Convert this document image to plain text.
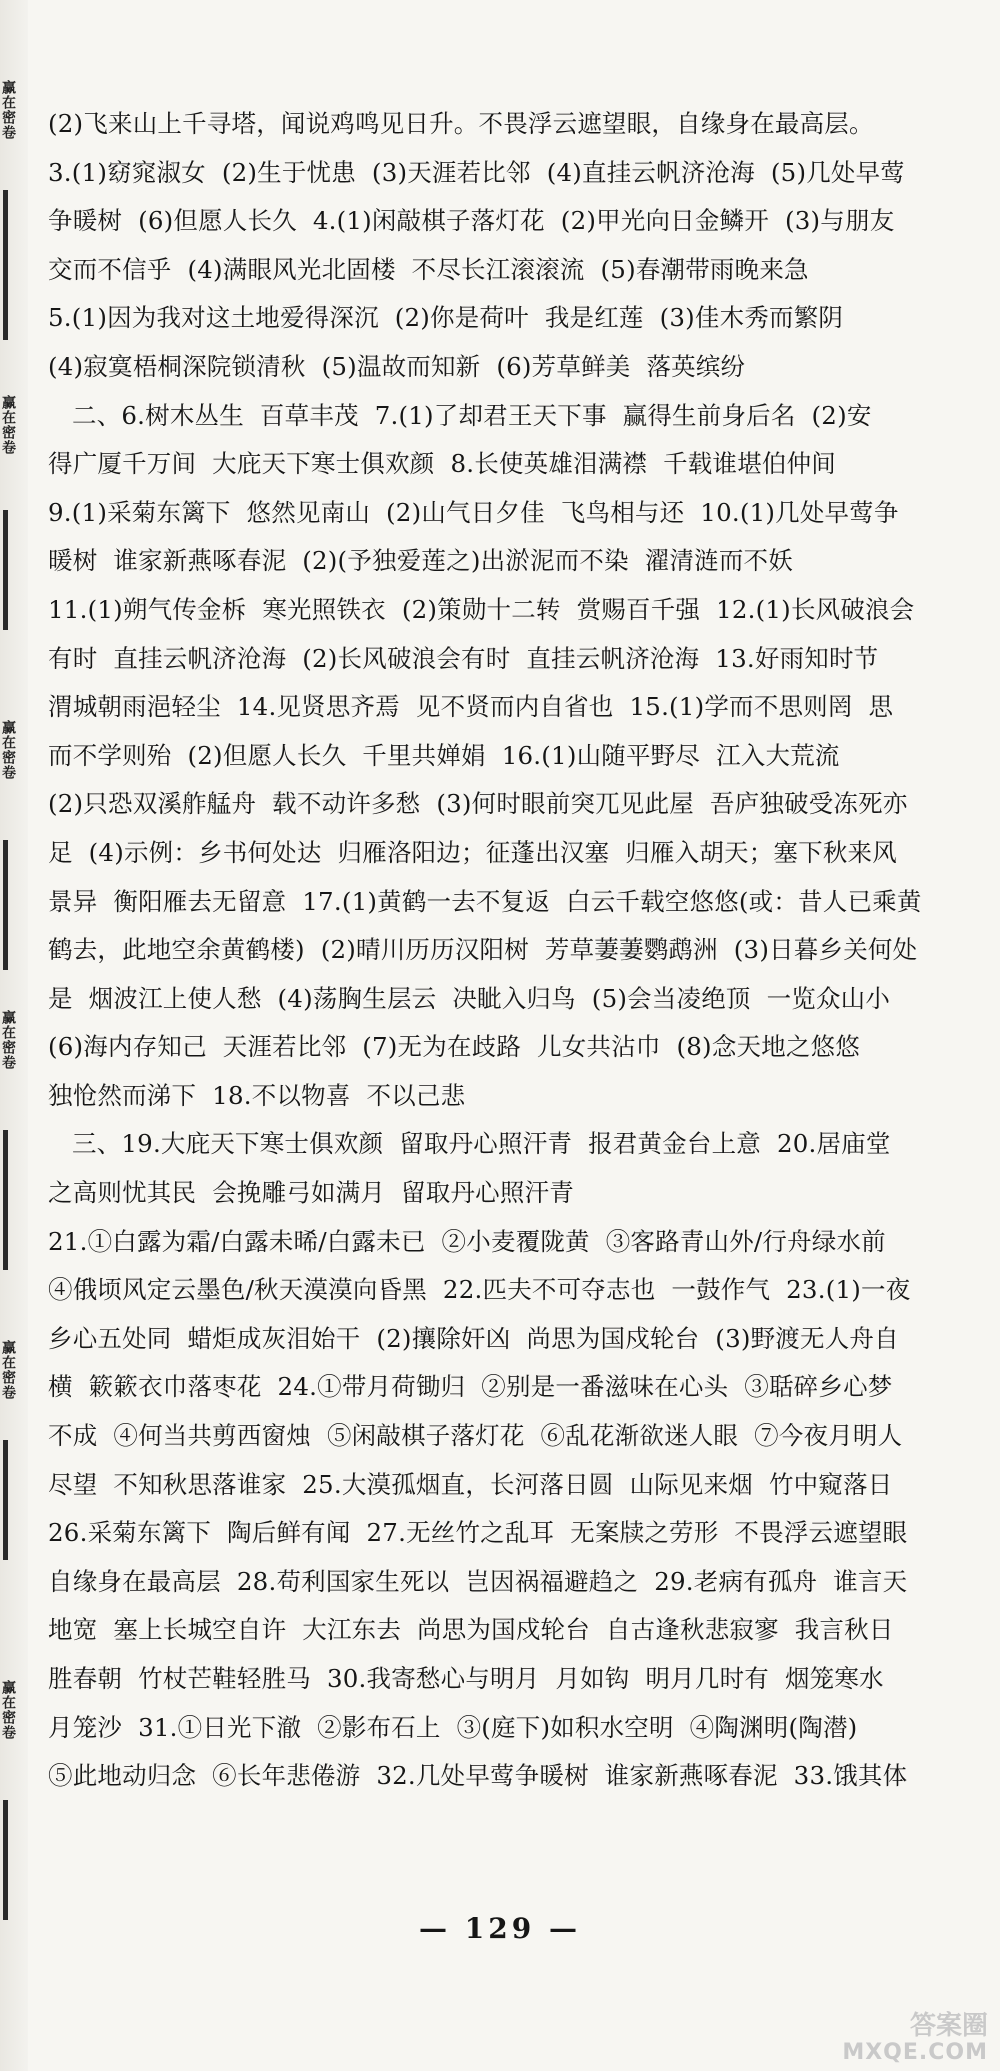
赢在密卷
赢在密卷
赢在密卷
赢在密卷
赢在密卷
赢在密卷
(2)飞来山上千寻塔，闻说鸡鸣见日升。不畏浮云遮望眼，自缘身在最高层。
3.(1)窈窕淑女  (2)生于忧患  (3)天涯若比邻  (4)直挂云帆济沧海  (5)几处早莺
争暖树  (6)但愿人长久  4.(1)闲敲棋子落灯花  (2)甲光向日金鳞开  (3)与朋友
交而不信乎  (4)满眼风光北固楼  不尽长江滚滚流  (5)春潮带雨晚来急
5.(1)因为我对这土地爱得深沉  (2)你是荷叶  我是红莲  (3)佳木秀而繁阴
(4)寂寞梧桐深院锁清秋  (5)温故而知新  (6)芳草鲜美  落英缤纷
二、6.树木丛生  百草丰茂  7.(1)了却君王天下事  赢得生前身后名  (2)安
得广厦千万间  大庇天下寒士俱欢颜  8.长使英雄泪满襟  千载谁堪伯仲间
9.(1)采菊东篱下  悠然见南山  (2)山气日夕佳  飞鸟相与还  10.(1)几处早莺争
暖树  谁家新燕啄春泥  (2)(予独爱莲之)出淤泥而不染  濯清涟而不妖
11.(1)朔气传金柝  寒光照铁衣  (2)策勋十二转  赏赐百千强  12.(1)长风破浪会
有时  直挂云帆济沧海  (2)长风破浪会有时  直挂云帆济沧海  13.好雨知时节
渭城朝雨浥轻尘  14.见贤思齐焉  见不贤而内自省也  15.(1)学而不思则罔  思
而不学则殆  (2)但愿人长久  千里共婵娟  16.(1)山随平野尽  江入大荒流
(2)只恐双溪舴艋舟  载不动许多愁  (3)何时眼前突兀见此屋  吾庐独破受冻死亦
足  (4)示例：乡书何处达  归雁洛阳边；征蓬出汉塞  归雁入胡天；塞下秋来风
景异  衡阳雁去无留意  17.(1)黄鹤一去不复返  白云千载空悠悠(或：昔人已乘黄
鹤去，此地空余黄鹤楼)  (2)晴川历历汉阳树  芳草萋萋鹦鹉洲  (3)日暮乡关何处
是  烟波江上使人愁  (4)荡胸生层云  决眦入归鸟  (5)会当凌绝顶  一览众山小
(6)海内存知己  天涯若比邻  (7)无为在歧路  儿女共沾巾  (8)念天地之悠悠
独怆然而涕下  18.不以物喜  不以己悲
三、19.大庇天下寒士俱欢颜  留取丹心照汗青  报君黄金台上意  20.居庙堂
之高则忧其民  会挽雕弓如满月  留取丹心照汗青
21.①白露为霜/白露未晞/白露未已  ②小麦覆陇黄  ③客路青山外/行舟绿水前
④俄顷风定云墨色/秋天漠漠向昏黑  22.匹夫不可夺志也  一鼓作气  23.(1)一夜
乡心五处同  蜡炬成灰泪始干  (2)攘除奸凶  尚思为国戍轮台  (3)野渡无人舟自
横  簌簌衣巾落枣花  24.①带月荷锄归  ②别是一番滋味在心头  ③聒碎乡心梦
不成  ④何当共剪西窗烛  ⑤闲敲棋子落灯花  ⑥乱花渐欲迷人眼  ⑦今夜月明人
尽望  不知秋思落谁家  25.大漠孤烟直，长河落日圆  山际见来烟  竹中窥落日
26.采菊东篱下  陶后鲜有闻  27.无丝竹之乱耳  无案牍之劳形  不畏浮云遮望眼
自缘身在最高层  28.苟利国家生死以  岂因祸福避趋之  29.老病有孤舟  谁言天
地宽  塞上长城空自许  大江东去  尚思为国戍轮台  自古逢秋悲寂寥  我言秋日
胜春朝  竹杖芒鞋轻胜马  30.我寄愁心与明月  月如钩  明月几时有  烟笼寒水
月笼沙  31.①日光下澈  ②影布石上  ③(庭下)如积水空明  ④陶渊明(陶潜)
⑤此地动归念  ⑥长年悲倦游  32.几处早莺争暖树  谁家新燕啄春泥  33.饿其体
— 129 —
答案圈
MXQE.COM
